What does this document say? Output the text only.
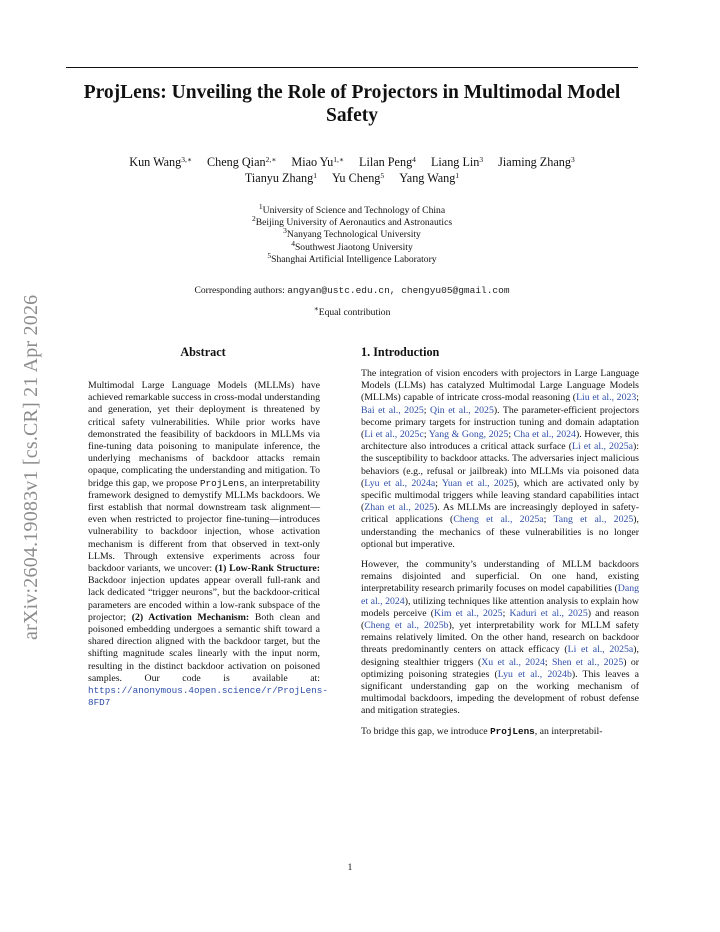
ProjLens: Unveiling the Role of Projectors in Multimodal Model Safety
Kun Wang$^{3,∗}$ Cheng Qian$^{2,∗}$ Miao $Yu^{1,∗}$ Lilan Peng$^4$ Liang Lin$^3$ Jiaming Zhang$^3$
Tianyu Zhang$^1$ Yu Cheng$^5$ Yang Wang$^1$
$^1$University of Science and Technology of China
$^2$Beijing University of Aeronautics and Astronautics
$^3$Nanyang Technological University
$^4$Southwest Jiaotong University
$^5$Shanghai Artificial Intelligence Laboratory
Corresponding authors: angyan@ustc.edu.cn, chengyu05@gmail.com
∗Equal contribution
arXiv:2604.19083v1 [cs.CR] 21 Apr 2026	Abstract
Multimodal Large Language Models (MLLMs) have achieved remarkable success in cross-modal understanding and generation, yet their deployment is threatened by critical safety vulnerabilities. While prior works have demonstrated the feasibility of backdoors in MLLMs via fine-tuning data poisoning to manipulate inference, the underlying mechanisms of backdoor attacks remain opaque, complicating the understanding and mitigation. To bridge this gap, we propose ProjLens, an interpretability framework designed to demystify MLLMs backdoors. We first establish that normal downstream task alignment—even when restricted to projector fine-tuning—introduces vulnerability to backdoor injection, whose activation mechanism is different from that observed in text-only LLMs. Through extensive experiments across four backdoor variants, we uncover: (1) Low-Rank Structure: Backdoor injection updates appear overall full-rank and lack dedicated “trigger neurons”, but the backdoor-critical parameters are encoded within a low-rank subspace of the projector; (2) Activation Mechanism: Both clean and poisoned embedding undergoes a semantic shift toward a shared direction aligned with the backdoor target, but the shifting magnitude scales linearly with the input norm, resulting in the distinct backdoor activation on poisoned samples. Our code is available at: https://anonymous.4open.science/r/ProjLens-8FD7
1. Introduction

The integration of vision encoders with projectors in Large Language Models (LLMs) has catalyzed Multimodal Large Language Models (MLLMs) capable of intricate cross-modal reasoning (Liu et al., 2023; Bai et al., 2025; Qin et al., 2025). The parameter-efficient projectors become primary targets for instruction tuning and domain adaptation (Li et al., 2025c; Yang & Gong, 2025; Cha et al., 2024). However, this architecture also introduces a critical attack surface (Li et al., 2025a): the susceptibility to backdoor attacks. The adversaries inject malicious behaviors (e.g., refusal or jailbreak) into MLLMs via poisoned data (Lyu et al., 2024a; Yuan et al., 2025), which are activated only by specific multimodal triggers while leaving standard capabilities intact (Zhan et al., 2025). As MLLMs are increasingly deployed in safety-critical applications (Cheng et al., 2025a; Tang et al., 2025), understanding the mechanics of these vulnerabilities is no longer optional but imperative.

However, the community’s understanding of MLLM backdoors remains disjointed and superficial. On one hand, existing interpretability research primarily focuses on model capabilities (Dang et al., 2024), utilizing techniques like attention analysis to explain how models perceive (Kim et al., 2025; Kaduri et al., 2025) and reason (Cheng et al., 2025b), yet interpretability work for MLLM safety remains relatively limited. On the other hand, research on backdoor threats predominantly centers on attack efficacy (Li et al., 2025a), designing stealthier triggers (Xu et al., 2024; Shen et al., 2025) or optimizing poisoning strategies (Lyu et al., 2024b). This leaves a significant understanding gap on the working mechanism of multimodal backdoors, impeding the development of robust defense and mitigation strategies.

To bridge this gap, we introduce ProjLens, an interpretabil-

1
